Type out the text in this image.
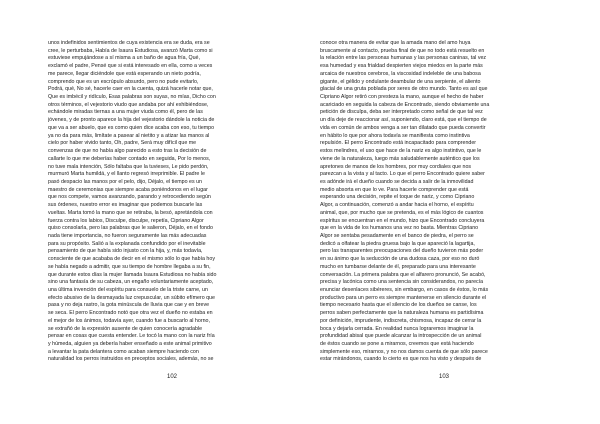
unos indefinidos sentimientos de cuya existencia era se duda, era se
cree, le perturbaba, Había de Isaura Estudiosa, avanzó Marta como si
estuviese empujándose a sí misma a un baño de agua fría, Qué,
exclamó el padre, Pensé que si está interesado en ella, como a veces
me parece, llegar diciéndole que está esperando un nieto podría,
comprendo que es un escrúpulo absurdo, pero no pude evitarlo,
Podrá, qué, No sé, hacerle caer en la cuenta, quizá hacerle notar que,
Que es imbécil y ridículo, Esas palabras son suyas, no mías, Dicho con
otros términos, el vejestorio viudo que andaba por ahí exhibiéndose,
echándole miradas tiernas a una mujer viuda como él, pero de las
jóvenes, y de pronto aparece la hija del vejestorio dándole la noticia de
que va a ser abuelo, que es como quien dice acaba con eso, tu tiempo
ya no da para más, limítate a pasear al nietito y a atizar las manos al
cielo por haber vivido tanto, Oh, padre, Será muy difícil que me
convenzas de que no había algo parecido a esto tras la decisión de
callarte lo que me deberías haber contado en seguida, Por lo menos,
no tuve mala intención, Sólo faltaba que la tuvieses, Le pido perdón,
murmuró Marta humildá, y el llanto regresó irreprimible. El padre le
pasó despacio las manos por el pelo, dijo, Déjalo, el tiempo es un
maestro de ceremonias que siempre acaba poniéndonos en el lugar
que nos compete, vamos avanzando, parando y retrocediendo según
sus órdenes, nuestro error es imaginar que podemos buscarle las
vueltas. Marta tomó la mano que se retiraba, la besó, apretándola con
fuerza contra los labios, Disculpe, disculpe, repetía, Cipriano Algor
quiso consolarla, pero las palabras que le salieron, Déjalo, en el fondo
nada tiene importancia, no fueron seguramente las más adecuadas
para su propósito. Salió a la explanada confundido por el inevitable
pensamiento de que había sido injusto con la hija, y, más todavía,
consciente de que acababa de decir en el mismo sólo lo que había hoy
se había negado a admitir, que su tiempo de hombre llegaba a su fin,
que durante estos días la mujer llamada Isaura Estudiosa no había sido
sino una fantasía de su cabeza, un engaño voluntariamente aceptado,
una última invención del espíritu para consuelo de la triste carne, un
efecto abusivo de la desmayada luz crepuscular, un súbito efímero que
pasa y no deja rastro, la gota minúscula de lluvia que cae y en breve
se seca. El perro Encontrado notó que otra vez el dueño no estaba en
el mejor de los ánimos, todavía ayer, cuando fue a buscarlo al horno,
se extrañó de la expresión ausente de quien conocería agradable
pensar en cosas que cuesta entender. Le tocó la mano con la nariz fría
y húmeda, alguien ya debería haber enseñado a este animal primitivo
a levantar la pata delantera como acaban siempre haciendo con
naturalidad los perros instruidos en preceptos sociales, además, no se
conoce otra manera de evitar que la amada mano del amo huya
bruscamente al contacto, prueba final de que no todo está resuelto en
la relación entre las personas humanas y las personas caninas, tal vez
esa humedad y esa frialdad despierten viejos miedos en la parte más
arcaica de nuestros cerebros, la viscosidad indeleble de una babosa
gigante, el gélido y ondulante deambular de una serpiente, el aliento
glacial de una gruta poblada por seres de otro mundo. Tanto es así que
Cipriano Algor retiró con presteza la mano, aunque el hecho de haber
acariciado en seguida la cabeza de Encontrado, siendo obviamente una
petición de disculpa, deba ser interpretado como señal de que tal vez
un día deje de reaccionar así, suponiendo, claro está, que el tiempo de
vida en común de ambos venga a ser tan dilatado que pueda convertir
en hábito lo que por ahora todavía se manifiesta como instintiva
repulsión. El perro Encontrado está incapacitado para comprender
estos melindres, el uso que hace de la nariz es algo instintivo, que le
viene de la naturaleza, luego más saludablemente auténtico que los
apretones de manos de los hombres, por muy cordiales que nos
parezcan a la vista y al tacto. Lo que el perro Encontrado quiere saber
es adónde irá el dueño cuando se decida a salir de la inmovilidad
medio absorta en que lo ve. Para hacerle comprender que está
esperando una decisión, repite el toque de nariz, y como Cipriano
Algor, a continuación, comenzó a andar hacia el horno, el espíritu
animal, que, por mucho que se pretenda, es el más lógico de cuantos
espíritus se encuentran en el mundo, hizo que Encontrado concluyera
que en la vida de los humanos una vez no basta. Mientras Cipriano
Algor se sentaba pesadamente en el banco de piedra, el perro se
dedicó a olfatear la piedra gruesa bajo la que apareció la lagartija,
pero las transparentes preocupaciones del dueño tuvieron más poder
en su ánimo que la seducción de una dudosa caza, por eso no duró
mucho en tumbarse delante de él, preparado para una interesante
conversación. La primera palabra que el alfarero pronunció, Se acabó,
precisa y lacónica como una sentencia sin considerandos, no parecía
enunciar desenlaces sibéreres, sin embargo, en casos de éstos, lo más
productivo para un perro es siempre mantenerse en silencio durante el
tiempo necesario hasta que el silencio de los dueños se canse, los
perros saben perfectamente que la naturaleza humana es partidísima
por definición, imprudente, indiscreta, chismosa, incapaz de cerrar la
boca y dejarla cerrada. En realidad nunca lograremos imaginar la
profundidad abisal que puede alcanzar la introspección de un animal
de éstos cuando se pone a mirarnos, creemos que está haciendo
simplemente eso, mirarnos, y no nos damos cuenta de que sólo parece
estar mirándonos, cuando lo cierto es que nos ha visto y después de
102	103
